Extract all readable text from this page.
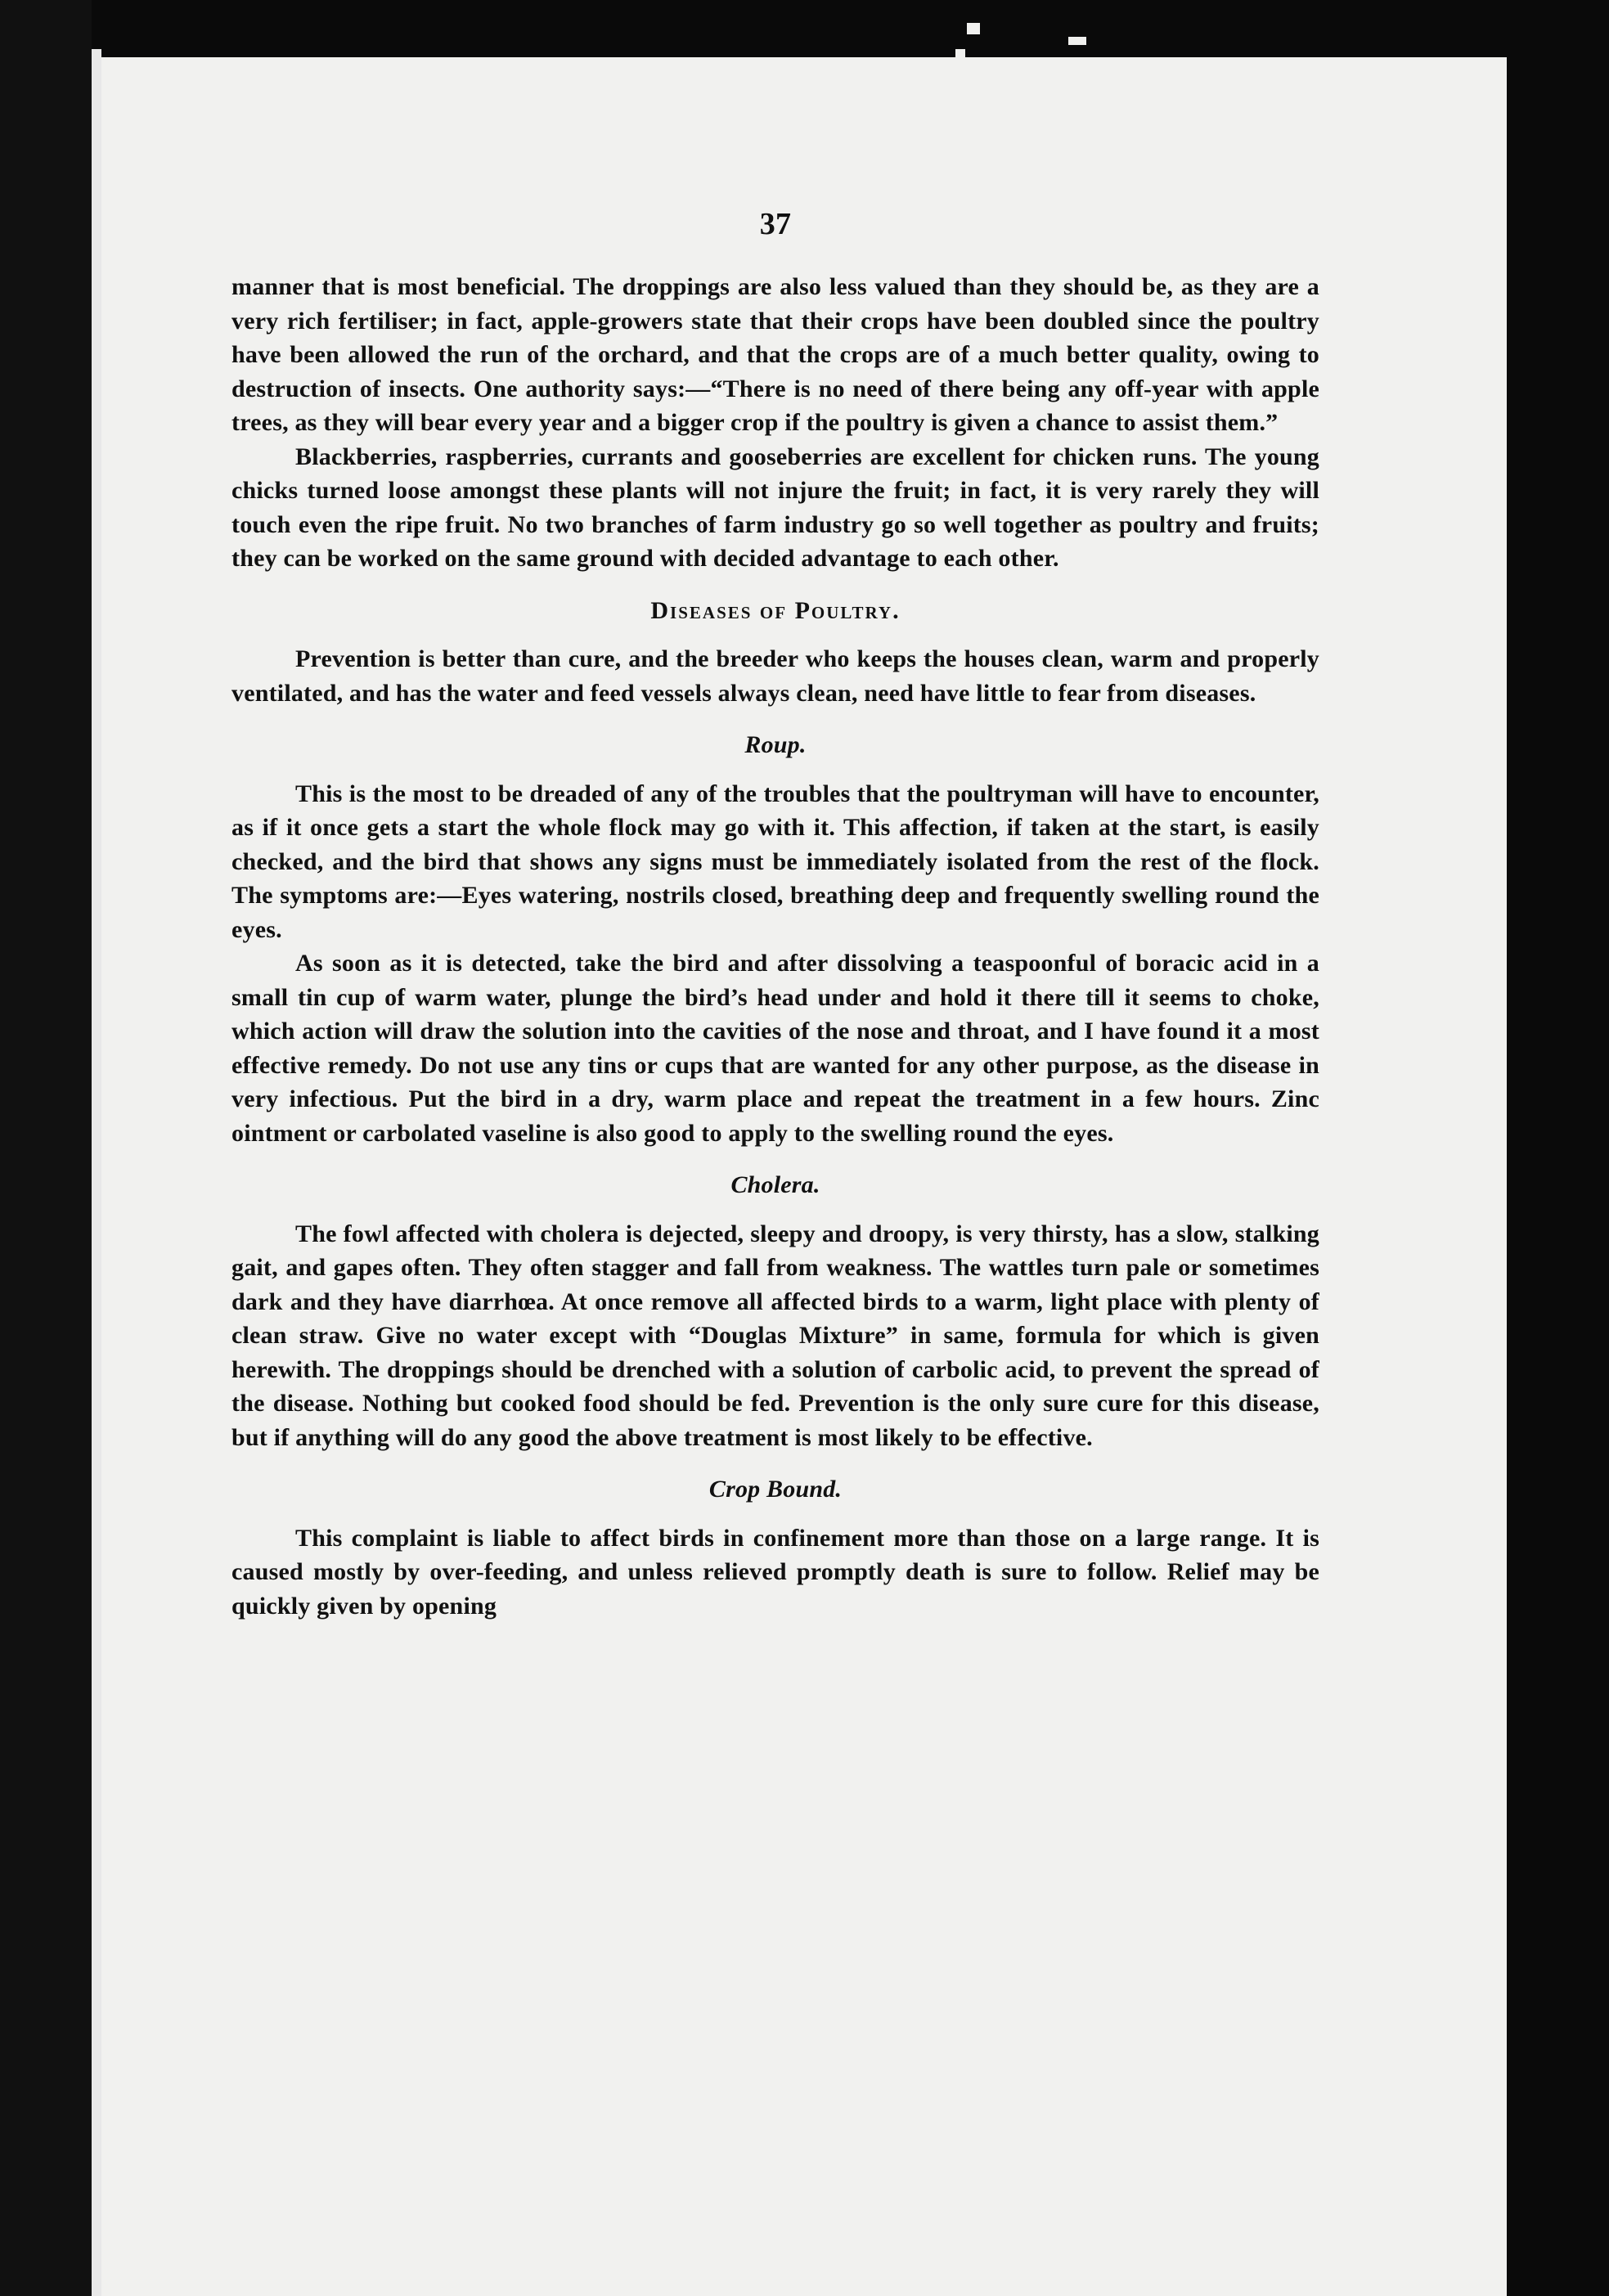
37

manner that is most beneficial. The droppings are also less valued than they should be, as they are a very rich fertiliser; in fact, apple-growers state that their crops have been doubled since the poultry have been allowed the run of the orchard, and that the crops are of a much better quality, owing to destruction of insects. One authority says:—“There is no need of there being any off-year with apple trees, as they will bear every year and a bigger crop if the poultry is given a chance to assist them.”

Blackberries, raspberries, currants and gooseberries are excellent for chicken runs. The young chicks turned loose amongst these plants will not injure the fruit; in fact, it is very rarely they will touch even the ripe fruit. No two branches of farm industry go so well together as poultry and fruits; they can be worked on the same ground with decided advantage to each other.

Diseases of Poultry.

Prevention is better than cure, and the breeder who keeps the houses clean, warm and properly ventilated, and has the water and feed vessels always clean, need have little to fear from diseases.

Roup.

This is the most to be dreaded of any of the troubles that the poultryman will have to encounter, as if it once gets a start the whole flock may go with it. This affection, if taken at the start, is easily checked, and the bird that shows any signs must be immediately isolated from the rest of the flock. The symptoms are:—Eyes watering, nostrils closed, breathing deep and frequently swelling round the eyes.

As soon as it is detected, take the bird and after dissolving a teaspoonful of boracic acid in a small tin cup of warm water, plunge the bird’s head under and hold it there till it seems to choke, which action will draw the solution into the cavities of the nose and throat, and I have found it a most effective remedy. Do not use any tins or cups that are wanted for any other purpose, as the disease in very infectious. Put the bird in a dry, warm place and repeat the treatment in a few hours. Zinc ointment or carbolated vaseline is also good to apply to the swelling round the eyes.

Cholera.

The fowl affected with cholera is dejected, sleepy and droopy, is very thirsty, has a slow, stalking gait, and gapes often. They often stagger and fall from weakness. The wattles turn pale or sometimes dark and they have diarrhœa. At once remove all affected birds to a warm, light place with plenty of clean straw. Give no water except with “Douglas Mixture” in same, formula for which is given herewith. The droppings should be drenched with a solution of carbolic acid, to prevent the spread of the disease. Nothing but cooked food should be fed. Prevention is the only sure cure for this disease, but if anything will do any good the above treatment is most likely to be effective.

Crop Bound.

This complaint is liable to affect birds in confinement more than those on a large range. It is caused mostly by over-feeding, and unless relieved promptly death is sure to follow. Relief may be quickly given by opening
